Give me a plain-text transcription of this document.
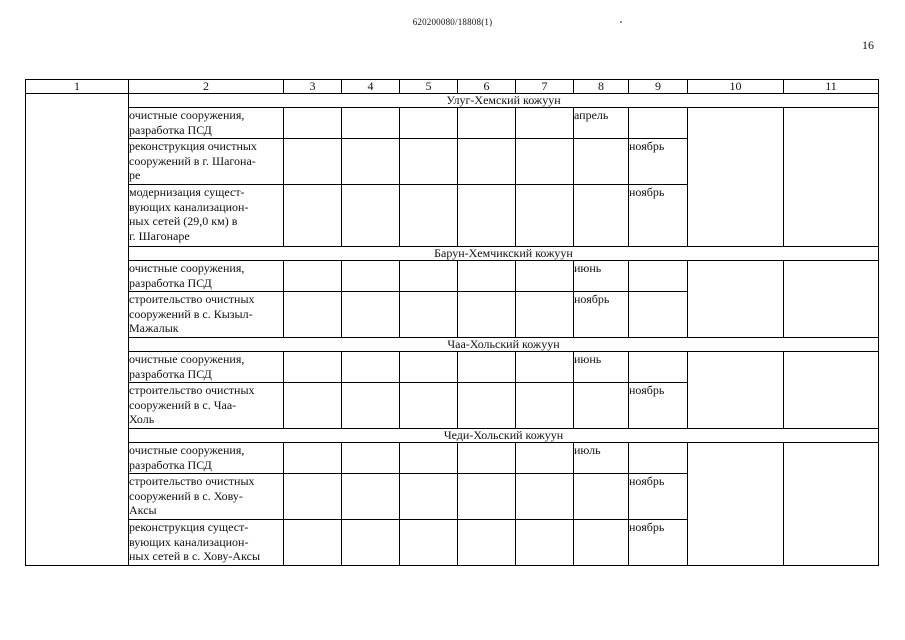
620200080/18808(1)
16
1	2	3	4	5	6	7	8	9	10	11
	Улуг-Хемский кожуун									

	очистные сооружения,
разработка ПСД						апрель			

	реконструкция очистных
сооружений в г. Шагона-
ре							ноябрь		

	модернизация сущест-
вующих канализацион-
ных сетей (29,0 км) в
г. Шагонаре							ноябрь		
	Барун-Хемчикский кожуун									

	очистные сооружения,
разработка ПСД						июнь			

	строительство очистных
сооружений в с. Кызыл-
Мажалык						ноябрь			
	Чаа-Хольский кожуун									

	очистные сооружения,
разработка ПСД						июнь			

	строительство очистных
сооружений в с. Чаа-
Холь							ноябрь		
	Чеди-Хольский кожуун									

	очистные сооружения,
разработка ПСД						июль			

	строительство очистных
сооружений в с. Хову-
Аксы							ноябрь		

	реконструкция сущест-
вующих канализацион-
ных сетей в с. Хову-Аксы							ноябрь		
